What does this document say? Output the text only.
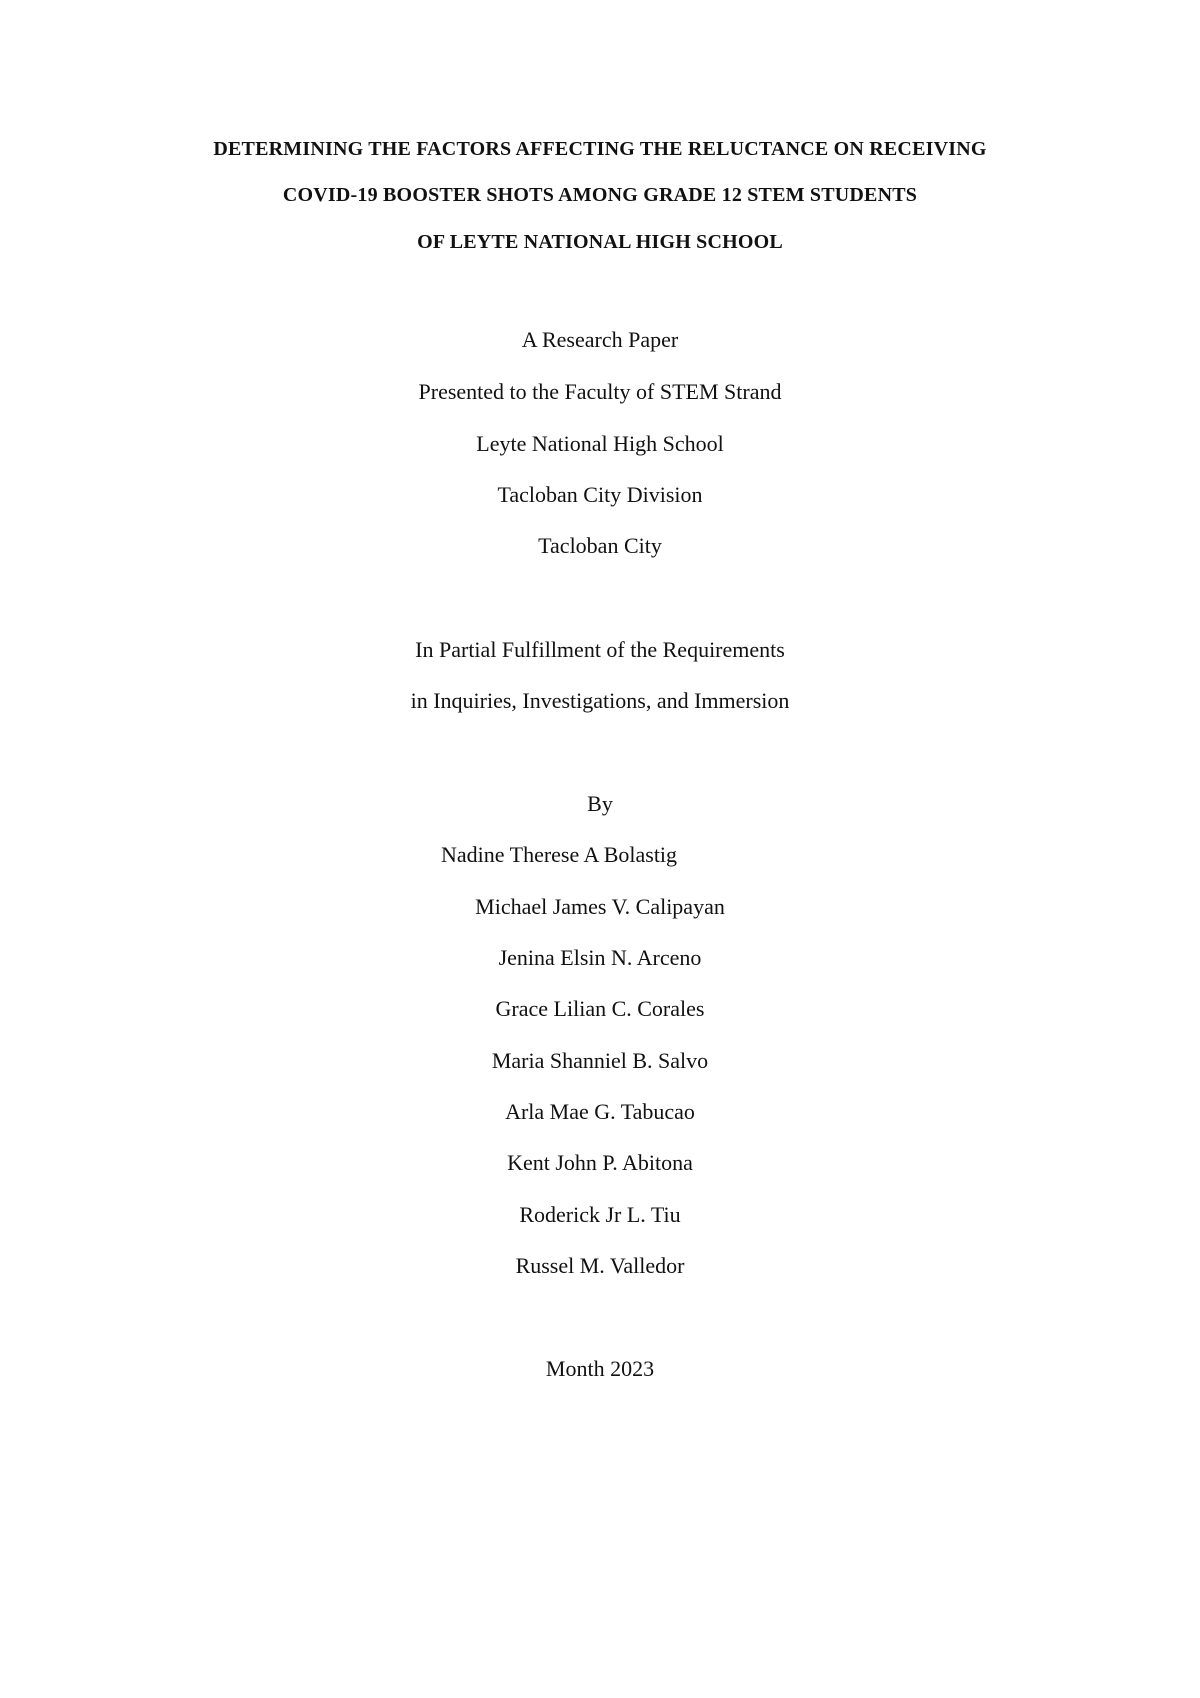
DETERMINING THE FACTORS AFFECTING THE RELUCTANCE ON RECEIVING
COVID-19 BOOSTER SHOTS AMONG GRADE 12 STEM STUDENTS
OF LEYTE NATIONAL HIGH SCHOOL
A Research Paper
Presented to the Faculty of STEM Strand
Leyte National High School
Tacloban City Division
Tacloban City
In Partial Fulfillment of the Requirements
in Inquiries, Investigations, and Immersion
By
Nadine Therese A Bolastig
Michael James V. Calipayan
Jenina Elsin N. Arceno
Grace Lilian C. Corales
Maria Shanniel B. Salvo
Arla Mae G. Tabucao
Kent John P. Abitona
Roderick Jr L. Tiu
Russel M. Valledor
Month 2023
